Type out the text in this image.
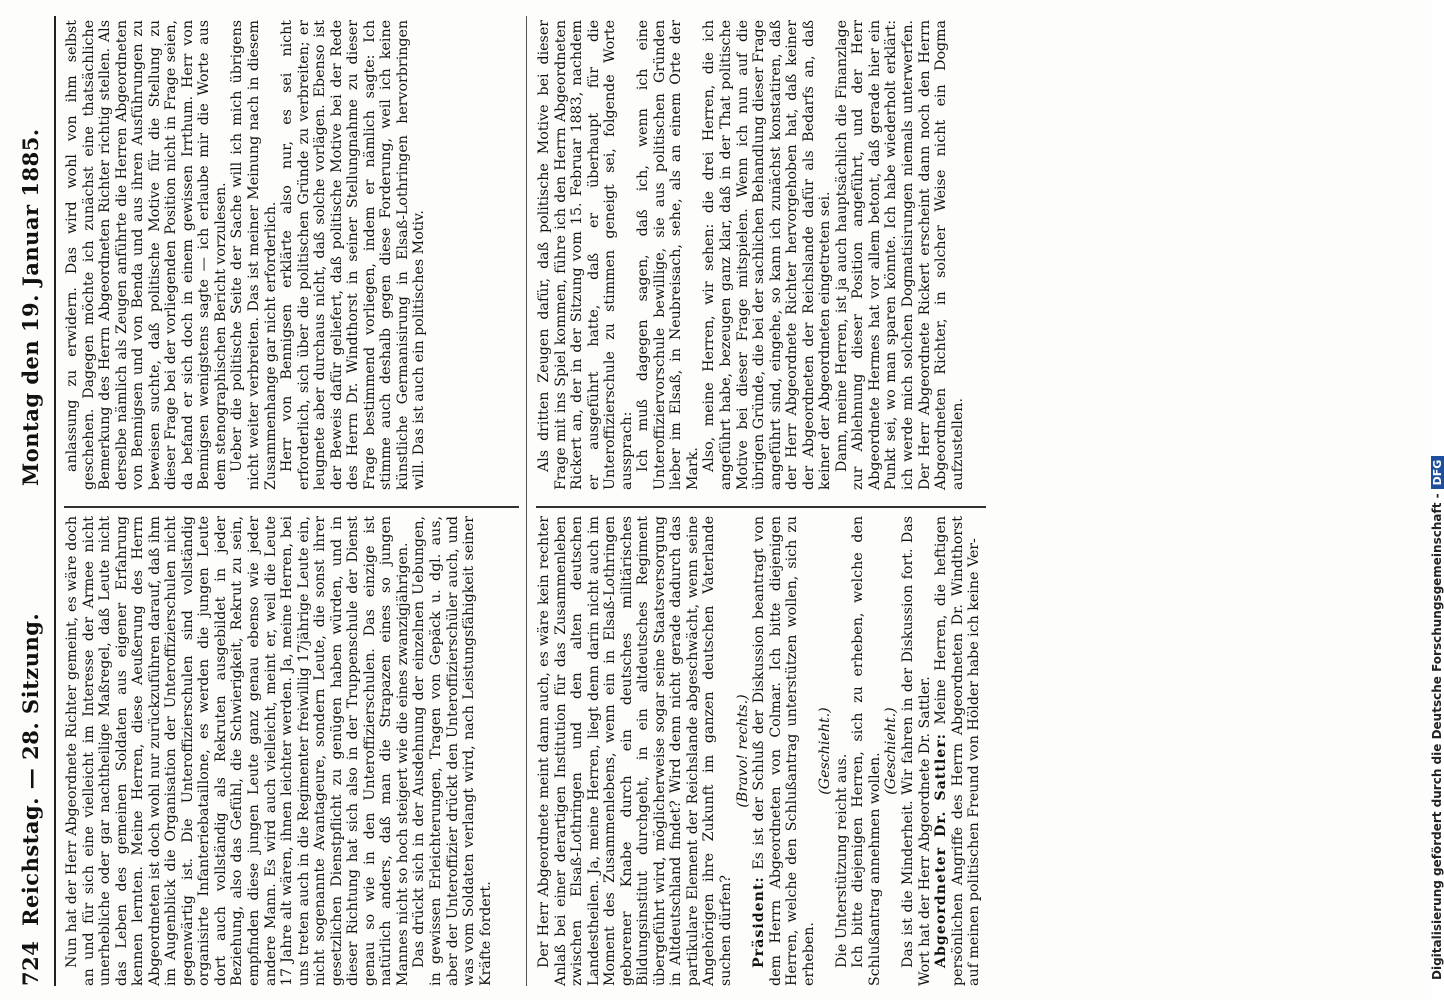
724
Reichstag. — 28. Sitzung.
Montag den 19. Januar 1885.

Nun hat der Herr Abgeordnete Richter gemeint, es wäre doch an und für sich eine vielleicht im Interesse der Armee nicht unerhebliche oder gar nachtheilige Maßregel, daß Leute nicht das Leben des gemeinen Soldaten aus eigener Erfahrung kennen lernten. Meine Herren, diese Aeußerung des Herrn Abgeordneten ist doch wohl nur zurückzuführen darauf, daß ihm im Augenblick die Organisation der Unteroffizierschulen nicht gegenwärtig ist. Die Unteroffizierschulen sind vollständig organisirte Infanteriebataillone, es werden die jungen Leute dort auch vollständig als Rekruten ausgebildet in jeder Beziehung, also das Gefühl, die Schwierigkeit, Rekrut zu sein, empfinden diese jungen Leute ganz genau ebenso wie jeder andere Mann. Es wird auch vielleicht, meint er, weil die Leute 17 Jahre alt wären, ihnen leichter werden. Ja, meine Herren, bei uns treten auch in die Regimenter freiwillig 17jährige Leute ein, nicht sogenannte Avantageure, sondern Leute, die sonst ihrer gesetzlichen Dienstpflicht zu genügen haben würden, und in dieser Richtung hat sich also in der Truppenschule der Dienst genau so wie in den Unteroffizierschulen. Das einzige ist natürlich anders, daß man die Strapazen eines so jungen Mannes nicht so hoch steigert wie die eines zwanzigjährigen. Das drückt sich in der Ausdehnung der einzelnen Uebungen, in gewissen Erleichterungen, Tragen von Gepäck u. dgl. aus, aber der Unteroffizier drückt den Unteroffizierschüler auch, und was vom Soldaten verlangt wird, nach Leistungsfähigkeit seiner Kräfte fordert.

anlassung zu erwidern. Das wird wohl von ihm selbst geschehen. Dagegen möchte ich zunächst eine thatsächliche Bemerkung des Herrn Abgeordneten Richter richtig stellen. Als derselbe nämlich als Zeugen anführte die Herren Abgeordneten von Bennigsen und von Benda und aus ihren Ausführungen zu beweisen suchte, daß politische Motive für die Stellung zu dieser Frage bei der vorliegenden Position nicht in Frage seien, da befand er sich doch in einem gewissen Irrthum. Herr von Bennigsen wenigstens sagte — ich erlaube mir die Worte aus dem stenographischen Bericht vorzulesen. Ueber die politische Seite der Sache will ich mich übrigens nicht weiter verbreiten. Das ist meiner Meinung nach in diesem Zusammenhange gar nicht erforderlich. Herr von Bennigsen erklärte also nur, es sei nicht erforderlich, sich über die politischen Gründe zu verbreiten; er leugnete aber durchaus nicht, daß solche vorlägen. Ebenso ist der Beweis dafür geliefert, daß politische Motive bei der Rede des Herrn Dr. Windthorst in seiner Stellungnahme zu dieser Frage bestimmend vorliegen, indem er nämlich sagte: Ich stimme auch deshalb gegen diese Forderung, weil ich keine künstliche Germanisirung in Elsaß-Lothringen hervorbringen will. Das ist auch ein politisches Motiv.

Der Herr Abgeordnete meint dann auch, es wäre kein rechter Anlaß bei einer derartigen Institution für das Zusammenleben zwischen Elsaß-Lothringen und den alten deutschen Landestheilen. Ja, meine Herren, liegt denn darin nicht auch im Moment des Zusammenlebens, wenn ein in Elsaß-Lothringen geborener Knabe durch ein deutsches militärisches Bildungsinstitut durchgeht, in ein altdeutsches Regiment übergeführt wird, möglicherweise sogar seine Staatsversorgung in Altdeutschland findet? Wird denn nicht gerade dadurch das partikulare Element der Reichslande abgeschwächt, wenn seine Angehörigen ihre Zukunft im ganzen deutschen Vaterlande suchen dürfen?

(Bravo! rechts.)

Präsident: Es ist der Schluß der Diskussion beantragt von dem Herrn Abgeordneten von Colmar. Ich bitte diejenigen Herren, welche den Schlußantrag unterstützen wollen, sich zu erheben.

(Geschieht.)

Die Unterstützung reicht aus. Ich bitte diejenigen Herren, sich zu erheben, welche den Schlußantrag annehmen wollen.

(Geschieht.) Das ist die Minderheit. Wir fahren in der Diskussion fort. Das Wort hat der Herr Abgeordnete Dr. Sattler. Abgeordneter Dr. Sattler: Meine Herren, die heftigen persönlichen Angriffe des Herrn Abgeordneten Dr. Windthorst auf meinen politischen Freund von Hölder habe ich keine Ver-

Als dritten Zeugen dafür, daß politische Motive bei dieser Frage mit ins Spiel kommen, führe ich den Herrn Abgeordneten Rickert an, der in der Sitzung vom 15. Februar 1883, nachdem er ausgeführt hatte, daß er überhaupt für die Unteroffizierschule zu stimmen geneigt sei, folgende Worte aussprach: Ich muß dagegen sagen, daß ich, wenn ich eine Unteroffiziervorschule bewillige, sie aus politischen Gründen lieber im Elsaß, in Neubreisach, sehe, als an einem Orte der Mark. Also, meine Herren, wir sehen: die drei Herren, die ich angeführt habe, bezeugen ganz klar, daß in der That politische Motive bei dieser Frage mitspielen. Wenn ich nun auf die übrigen Gründe, die bei der sachlichen Behandlung dieser Frage angeführt sind, eingehe, so kann ich zunächst konstatiren, daß der Herr Abgeordnete Richter hervorgehoben hat, daß keiner der Abgeordneten der Reichslande dafür als Bedarfs an, daß keiner der Abgeordneten eingetreten sei. Dann, meine Herren, ist ja auch hauptsächlich die Finanzlage zur Ablehnung dieser Position angeführt, und der Herr Abgeordnete Hermes hat vor allem betont, daß gerade hier ein Punkt sei, wo man sparen könnte. Ich habe wiederholt erklärt: ich werde mich solchen Dogmatisirungen niemals unterwerfen. Der Herr Abgeordnete Rickert erscheint dann noch den Herrn Abgeordneten Richter, in solcher Weise nicht ein Dogma aufzustellen.

Digitalisierung gefördert durch die Deutsche Forschungsgemeinschaft -DFG
